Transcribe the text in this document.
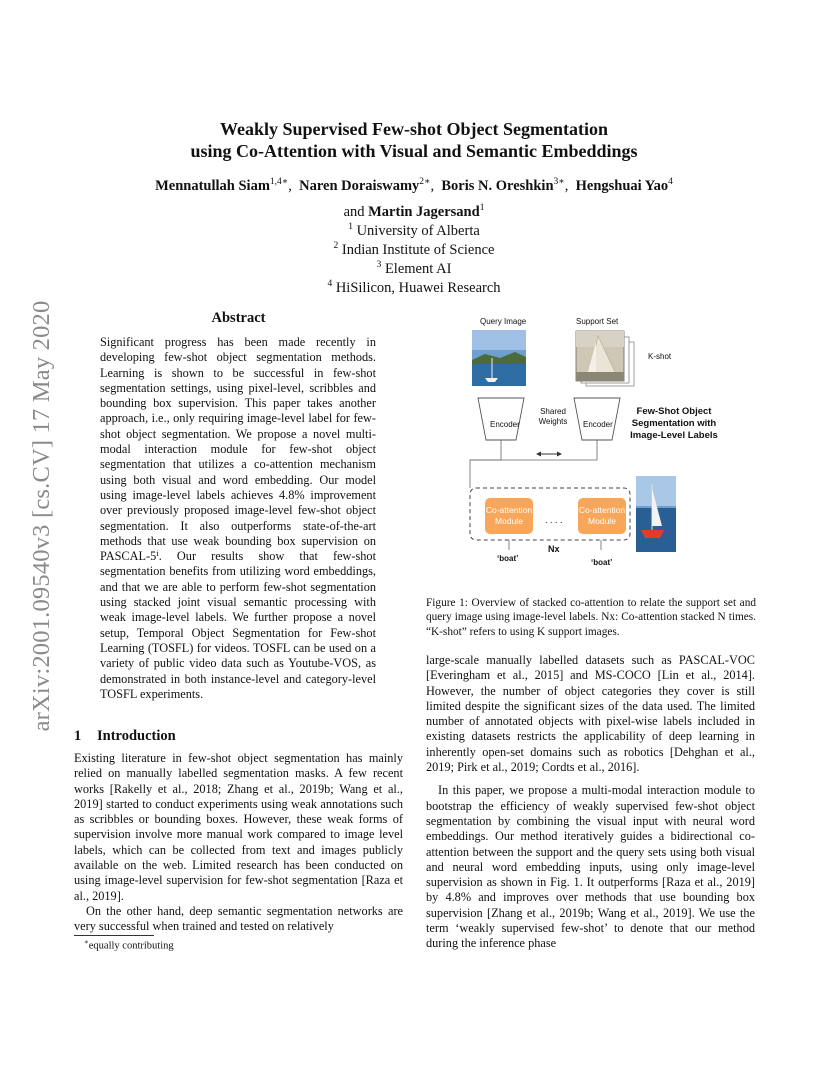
arXiv:2001.09540v3 [cs.CV] 17 May 2020
Weakly Supervised Few-shot Object Segmentation
using Co-Attention with Visual and Semantic Embeddings
Mennatullah Siam$^{1,4∗}$,  Naren Doraiswamy$^{2∗}$,  Boris N. Oreshkin$^{3∗}$,  Hengshuai Yao$^4$
and Martin Jagersand$^1$
$^1$ University of Alberta
$^2$ Indian Institute of Science
$^3$ Element AI
$^4$ HiSilicon, Huawei Research
Abstract
Significant progress has been made recently in developing few-shot object segmentation methods. Learning is shown to be successful in few-shot segmentation settings, using pixel-level, scribbles and bounding box supervision. This paper takes another approach, i.e., only requiring image-level label for few-shot object segmentation. We propose a novel multi-modal interaction module for few-shot object segmentation that utilizes a co-attention mechanism using both visual and word embedding. Our model using image-level labels achieves 4.8% improvement over previously proposed image-level few-shot object segmentation. It also outperforms state-of-the-art methods that use weak bounding box supervision on PASCAL-5ⁱ. Our results show that few-shot segmentation benefits from utilizing word embeddings, and that we are able to perform few-shot segmentation using stacked joint visual semantic processing with weak image-level labels. We further propose a novel setup, Temporal Object Segmentation for Few-shot Learning (TOSFL) for videos. TOSFL can be used on a variety of public video data such as Youtube-VOS, as demonstrated in both instance-level and category-level TOSFL experiments.
1 Introduction

Existing literature in few-shot object segmentation has mainly relied on manually labelled segmentation masks. A few recent works [Rakelly et al., 2018; Zhang et al., 2019b; Wang et al., 2019] started to conduct experiments using weak annotations such as scribbles or bounding boxes. However, these weak forms of supervision involve more manual work compared to image level labels, which can be collected from text and images publicly available on the web. Limited research has been conducted on using image-level supervision for few-shot segmentation [Raza et al., 2019].

On the other hand, deep semantic segmentation networks are very successful when trained and tested on relatively

∗equally contributing
Query Image	Support Set
K-shot
Encoder	Encoder
Shared Weights
Few-Shot Object Segmentation with Image-Level Labels
Co-attention
Module
Co-attention
Module
. . . .
Nx
‘boat’	‘boat’
Figure 1: Overview of stacked co-attention to relate the support set and query image using image-level labels. Nx: Co-attention stacked N times. “K-shot” refers to using K support images.

large-scale manually labelled datasets such as PASCAL-VOC [Everingham et al., 2015] and MS-COCO [Lin et al., 2014]. However, the number of object categories they cover is still limited despite the significant sizes of the data used. The limited number of annotated objects with pixel-wise labels included in existing datasets restricts the applicability of deep learning in inherently open-set domains such as robotics [Dehghan et al., 2019; Pirk et al., 2019; Cordts et al., 2016].

In this paper, we propose a multi-modal interaction module to bootstrap the efficiency of weakly supervised few-shot object segmentation by combining the visual input with neural word embeddings. Our method iteratively guides a bidirectional co-attention between the support and the query sets using both visual and neural word embedding inputs, using only image-level supervision as shown in Fig. 1. It outperforms [Raza et al., 2019] by 4.8% and improves over methods that use bounding box supervision [Zhang et al., 2019b; Wang et al., 2019]. We use the term ‘weakly supervised few-shot’ to denote that our method during the inference phase
